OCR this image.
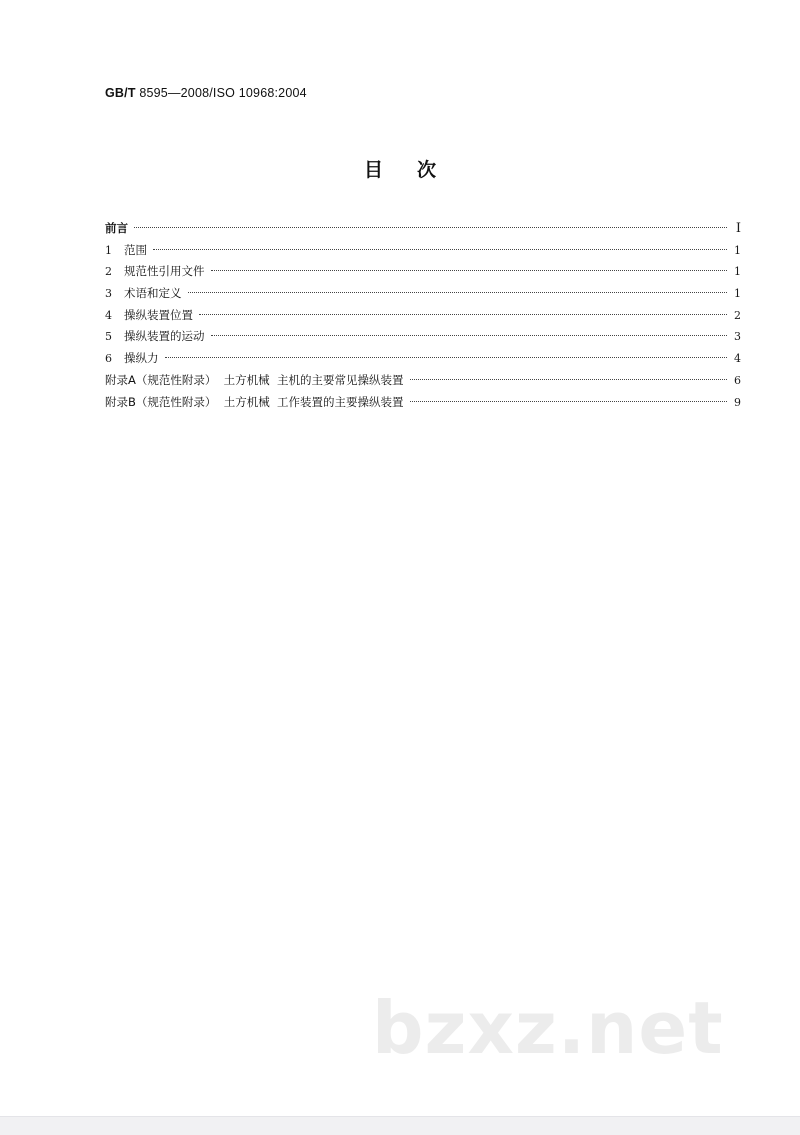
GB/T 8595—2008/ISO 10968:2004
目次
前言	I
1	范围	1
2	规范性引用文件	1
3	术语和定义	1
4	操纵装置位置	2
5	操纵装置的运动	3
6	操纵力	4
附录A（规范性附录）  土方机械  主机的主要常见操纵装置	6
附录B（规范性附录）  土方机械  工作装置的主要操纵装置	9
bzxz.net
